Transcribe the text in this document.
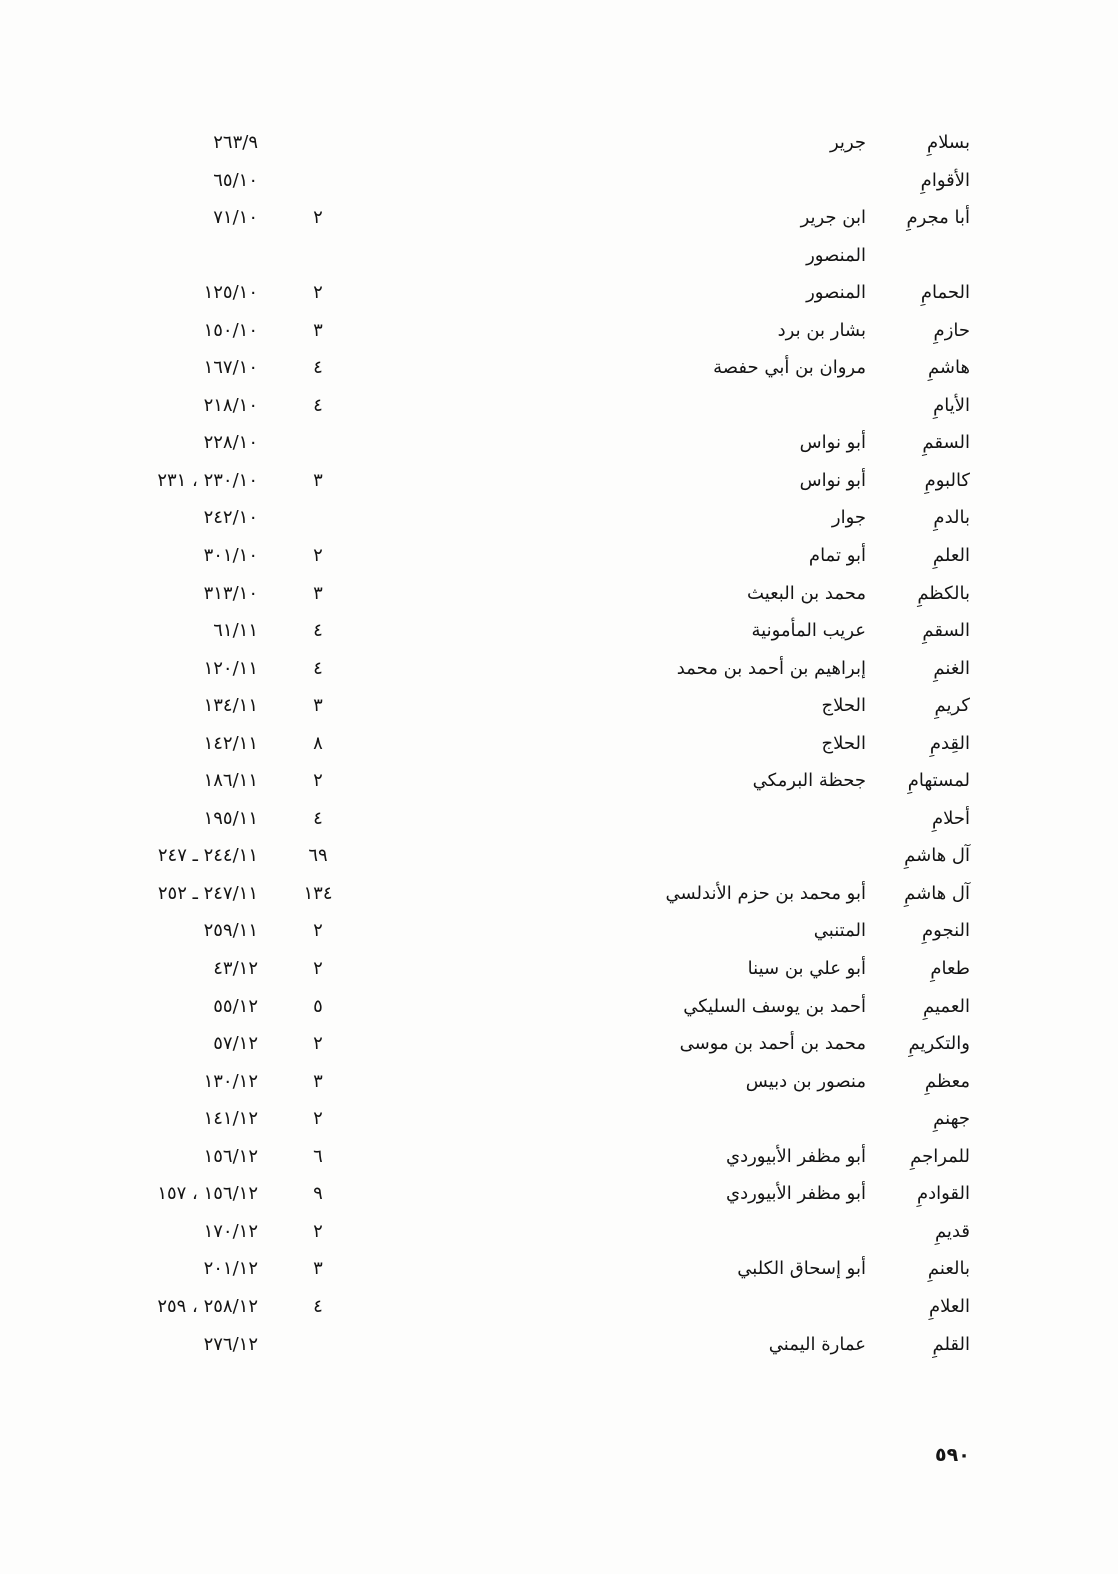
بسلامِ
جرير
٢٦٣/٩
الأقوامِ
٦٥/١٠
أبا مجرمِ
ابن جرير
٢
٧١/١٠
المنصور
الحمامِ
المنصور
٢
١٢٥/١٠
حازمِ
بشار بن برد
٣
١٥٠/١٠
هاشمِ
مروان بن أبي حفصة
٤
١٦٧/١٠
الأيامِ
٤
٢١٨/١٠
السقمِ
أبو نواس
٢٢٨/١٠
كالبومِ
أبو نواس
٣
٢٣٠/١٠ ، ٢٣١
بالدمِ
جوار
٢٤٢/١٠
العلمِ
أبو تمام
٢
٣٠١/١٠
بالكظمِ
محمد بن البعيث
٣
٣١٣/١٠
السقمِ
عريب المأمونية
٤
٦١/١١
الغنمِ
إبراهيم بن أحمد بن محمد
٤
١٢٠/١١
كريمِ
الحلاج
٣
١٣٤/١١
القِدمِ
الحلاج
٨
١٤٢/١١
لمستهامِ
جحظة البرمكي
٢
١٨٦/١١
أحلامِ
٤
١٩٥/١١
آل هاشمِ
٦٩
٢٤٤/١١ ـ ٢٤٧
آل هاشمِ
أبو محمد بن حزم الأندلسي
١٣٤
٢٤٧/١١ ـ ٢٥٢
النجومِ
المتنبي
٢
٢٥٩/١١
طعامِ
أبو علي بن سينا
٢
٤٣/١٢
العميمِ
أحمد بن يوسف السليكي
٥
٥٥/١٢
والتكريمِ
محمد بن أحمد بن موسى
٢
٥٧/١٢
معظمِ
منصور بن دبيس
٣
١٣٠/١٢
جهنمِ
٢
١٤١/١٢
للمراجمِ
أبو مظفر الأبيوردي
٦
١٥٦/١٢
القوادمِ
أبو مظفر الأبيوردي
٩
١٥٦/١٢ ، ١٥٧
قديمِ
٢
١٧٠/١٢
بالعنمِ
أبو إسحاق الكلبي
٣
٢٠١/١٢
العلامِ
٤
٢٥٨/١٢ ، ٢٥٩
القلمِ
عمارة اليمني
٢٧٦/١٢
٥٩٠
